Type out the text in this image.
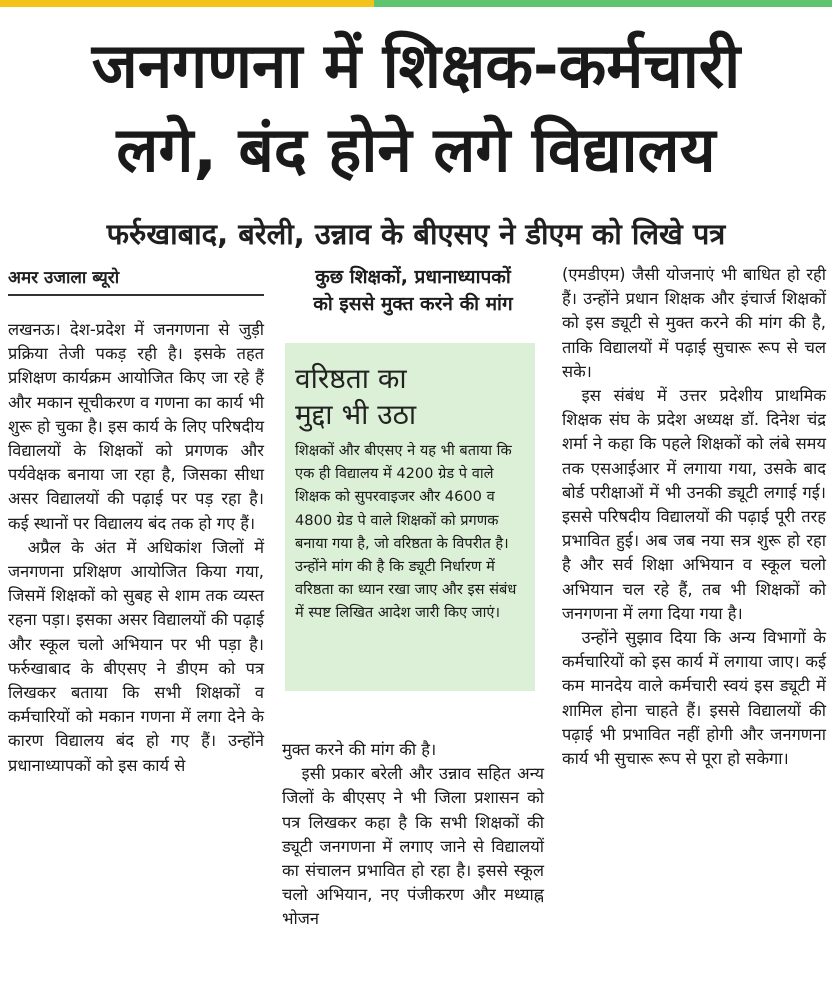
जनगणना में शिक्षक-कर्मचारी
लगे, बंद होने लगे विद्यालय
फर्रुखाबाद, बरेली, उन्नाव के बीएसए ने डीएम को लिखे पत्र
अमर उजाला ब्यूरो

लखनऊ। देश-प्रदेश में जनगणना से जुड़ी प्रक्रिया तेजी पकड़ रही है। इसके तहत प्रशिक्षण कार्यक्रम आयोजित किए जा रहे हैं और मकान सूचीकरण व गणना का कार्य भी शुरू हो चुका है। इस कार्य के लिए परिषदीय विद्यालयों के शिक्षकों को प्रगणक और पर्यवेक्षक बनाया जा रहा है, जिसका सीधा असर विद्यालयों की पढ़ाई पर पड़ रहा है। कई स्थानों पर विद्यालय बंद तक हो गए हैं।

अप्रैल के अंत में अधिकांश जिलों में जनगणना प्रशिक्षण आयोजित किया गया, जिसमें शिक्षकों को सुबह से शाम तक व्यस्त रहना पड़ा। इसका असर विद्यालयों की पढ़ाई और स्कूल चलो अभियान पर भी पड़ा है। फर्रुखाबाद के बीएसए ने डीएम को पत्र लिखकर बताया कि सभी शिक्षकों व कर्मचारियों को मकान गणना में लगा देने के कारण विद्यालय बंद हो गए हैं। उन्होंने प्रधानाध्यापकों को इस कार्य से

कुछ शिक्षकों, प्रधानाध्यापकों
को इससे मुक्त करने की मांग
वरिष्ठता का
मुद्दा भी उठा
शिक्षकों और बीएसए ने यह भी बताया कि एक ही विद्यालय में 4200 ग्रेड पे वाले शिक्षक को सुपरवाइजर और 4600 व 4800 ग्रेड पे वाले शिक्षकों को प्रगणक बनाया गया है, जो वरिष्ठता के विपरीत है। उन्होंने मांग की है कि ड्यूटी निर्धारण में वरिष्ठता का ध्यान रखा जाए और इस संबंध में स्पष्ट लिखित आदेश जारी किए जाएं।

मुक्त करने की मांग की है।

इसी प्रकार बरेली और उन्नाव सहित अन्य जिलों के बीएसए ने भी जिला प्रशासन को पत्र लिखकर कहा है कि सभी शिक्षकों की ड्यूटी जनगणना में लगाए जाने से विद्यालयों का संचालन प्रभावित हो रहा है। इससे स्कूल चलो अभियान, नए पंजीकरण और मध्याह्न भोजन

(एमडीएम) जैसी योजनाएं भी बाधित हो रही हैं। उन्होंने प्रधान शिक्षक और इंचार्ज शिक्षकों को इस ड्यूटी से मुक्त करने की मांग की है, ताकि विद्यालयों में पढ़ाई सुचारू रूप से चल सके।

इस संबंध में उत्तर प्रदेशीय प्राथमिक शिक्षक संघ के प्रदेश अध्यक्ष डॉ. दिनेश चंद्र शर्मा ने कहा कि पहले शिक्षकों को लंबे समय तक एसआईआर में लगाया गया, उसके बाद बोर्ड परीक्षाओं में भी उनकी ड्यूटी लगाई गई। इससे परिषदीय विद्यालयों की पढ़ाई पूरी तरह प्रभावित हुई। अब जब नया सत्र शुरू हो रहा है और सर्व शिक्षा अभियान व स्कूल चलो अभियान चल रहे हैं, तब भी शिक्षकों को जनगणना में लगा दिया गया है।

उन्होंने सुझाव दिया कि अन्य विभागों के कर्मचारियों को इस कार्य में लगाया जाए। कई कम मानदेय वाले कर्मचारी स्वयं इस ड्यूटी में शामिल होना चाहते हैं। इससे विद्यालयों की पढ़ाई भी प्रभावित नहीं होगी और जनगणना कार्य भी सुचारू रूप से पूरा हो सकेगा।
